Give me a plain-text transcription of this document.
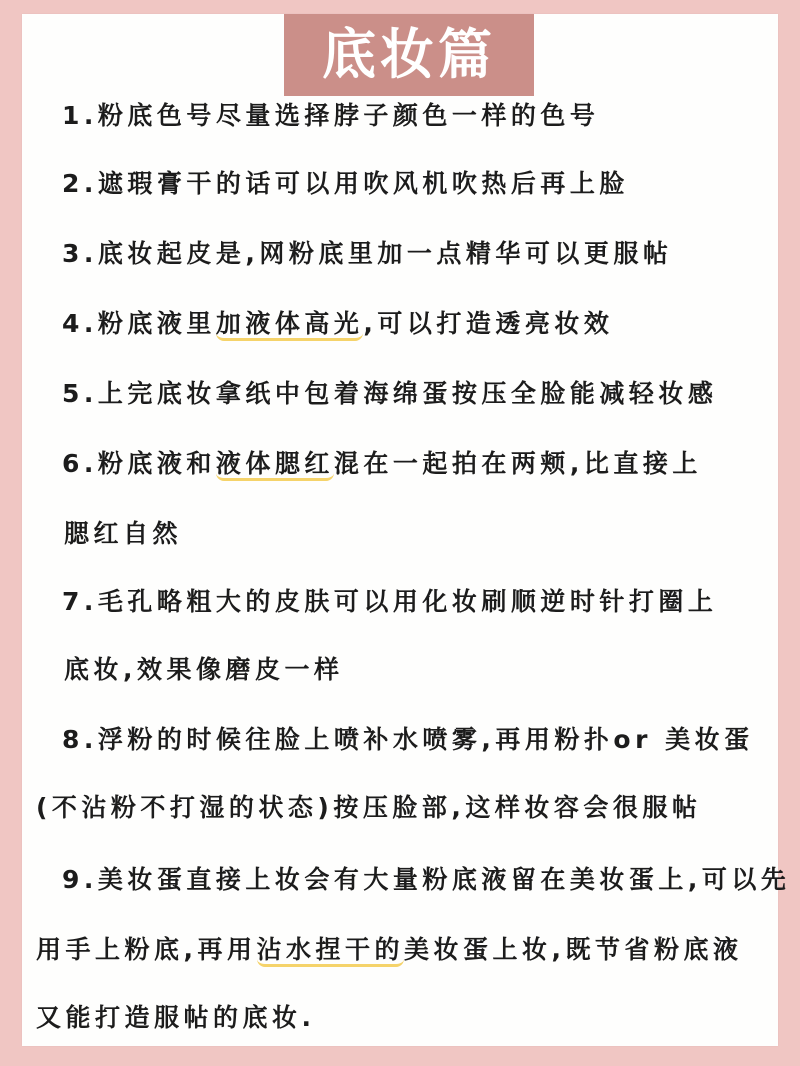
底妆篇
1.粉底色号尽量选择脖子颜色一样的色号
2.遮瑕膏干的话可以用吹风机吹热后再上脸
3.底妆起皮是,网粉底里加一点精华可以更服帖
4.粉底液里加液体高光,可以打造透亮妆效
5.上完底妆拿纸中包着海绵蛋按压全脸能减轻妆感
6.粉底液和液体腮红混在一起拍在两颊,比直接上
腮红自然
7.毛孔略粗大的皮肤可以用化妆刷顺逆时针打圈上
底妆,效果像磨皮一样
8.浮粉的时候往脸上喷补水喷雾,再用粉扑or 美妆蛋
(不沾粉不打湿的状态)按压脸部,这样妆容会很服帖
9.美妆蛋直接上妆会有大量粉底液留在美妆蛋上,可以先
用手上粉底,再用沾水捏干的美妆蛋上妆,既节省粉底液
又能打造服帖的底妆.
